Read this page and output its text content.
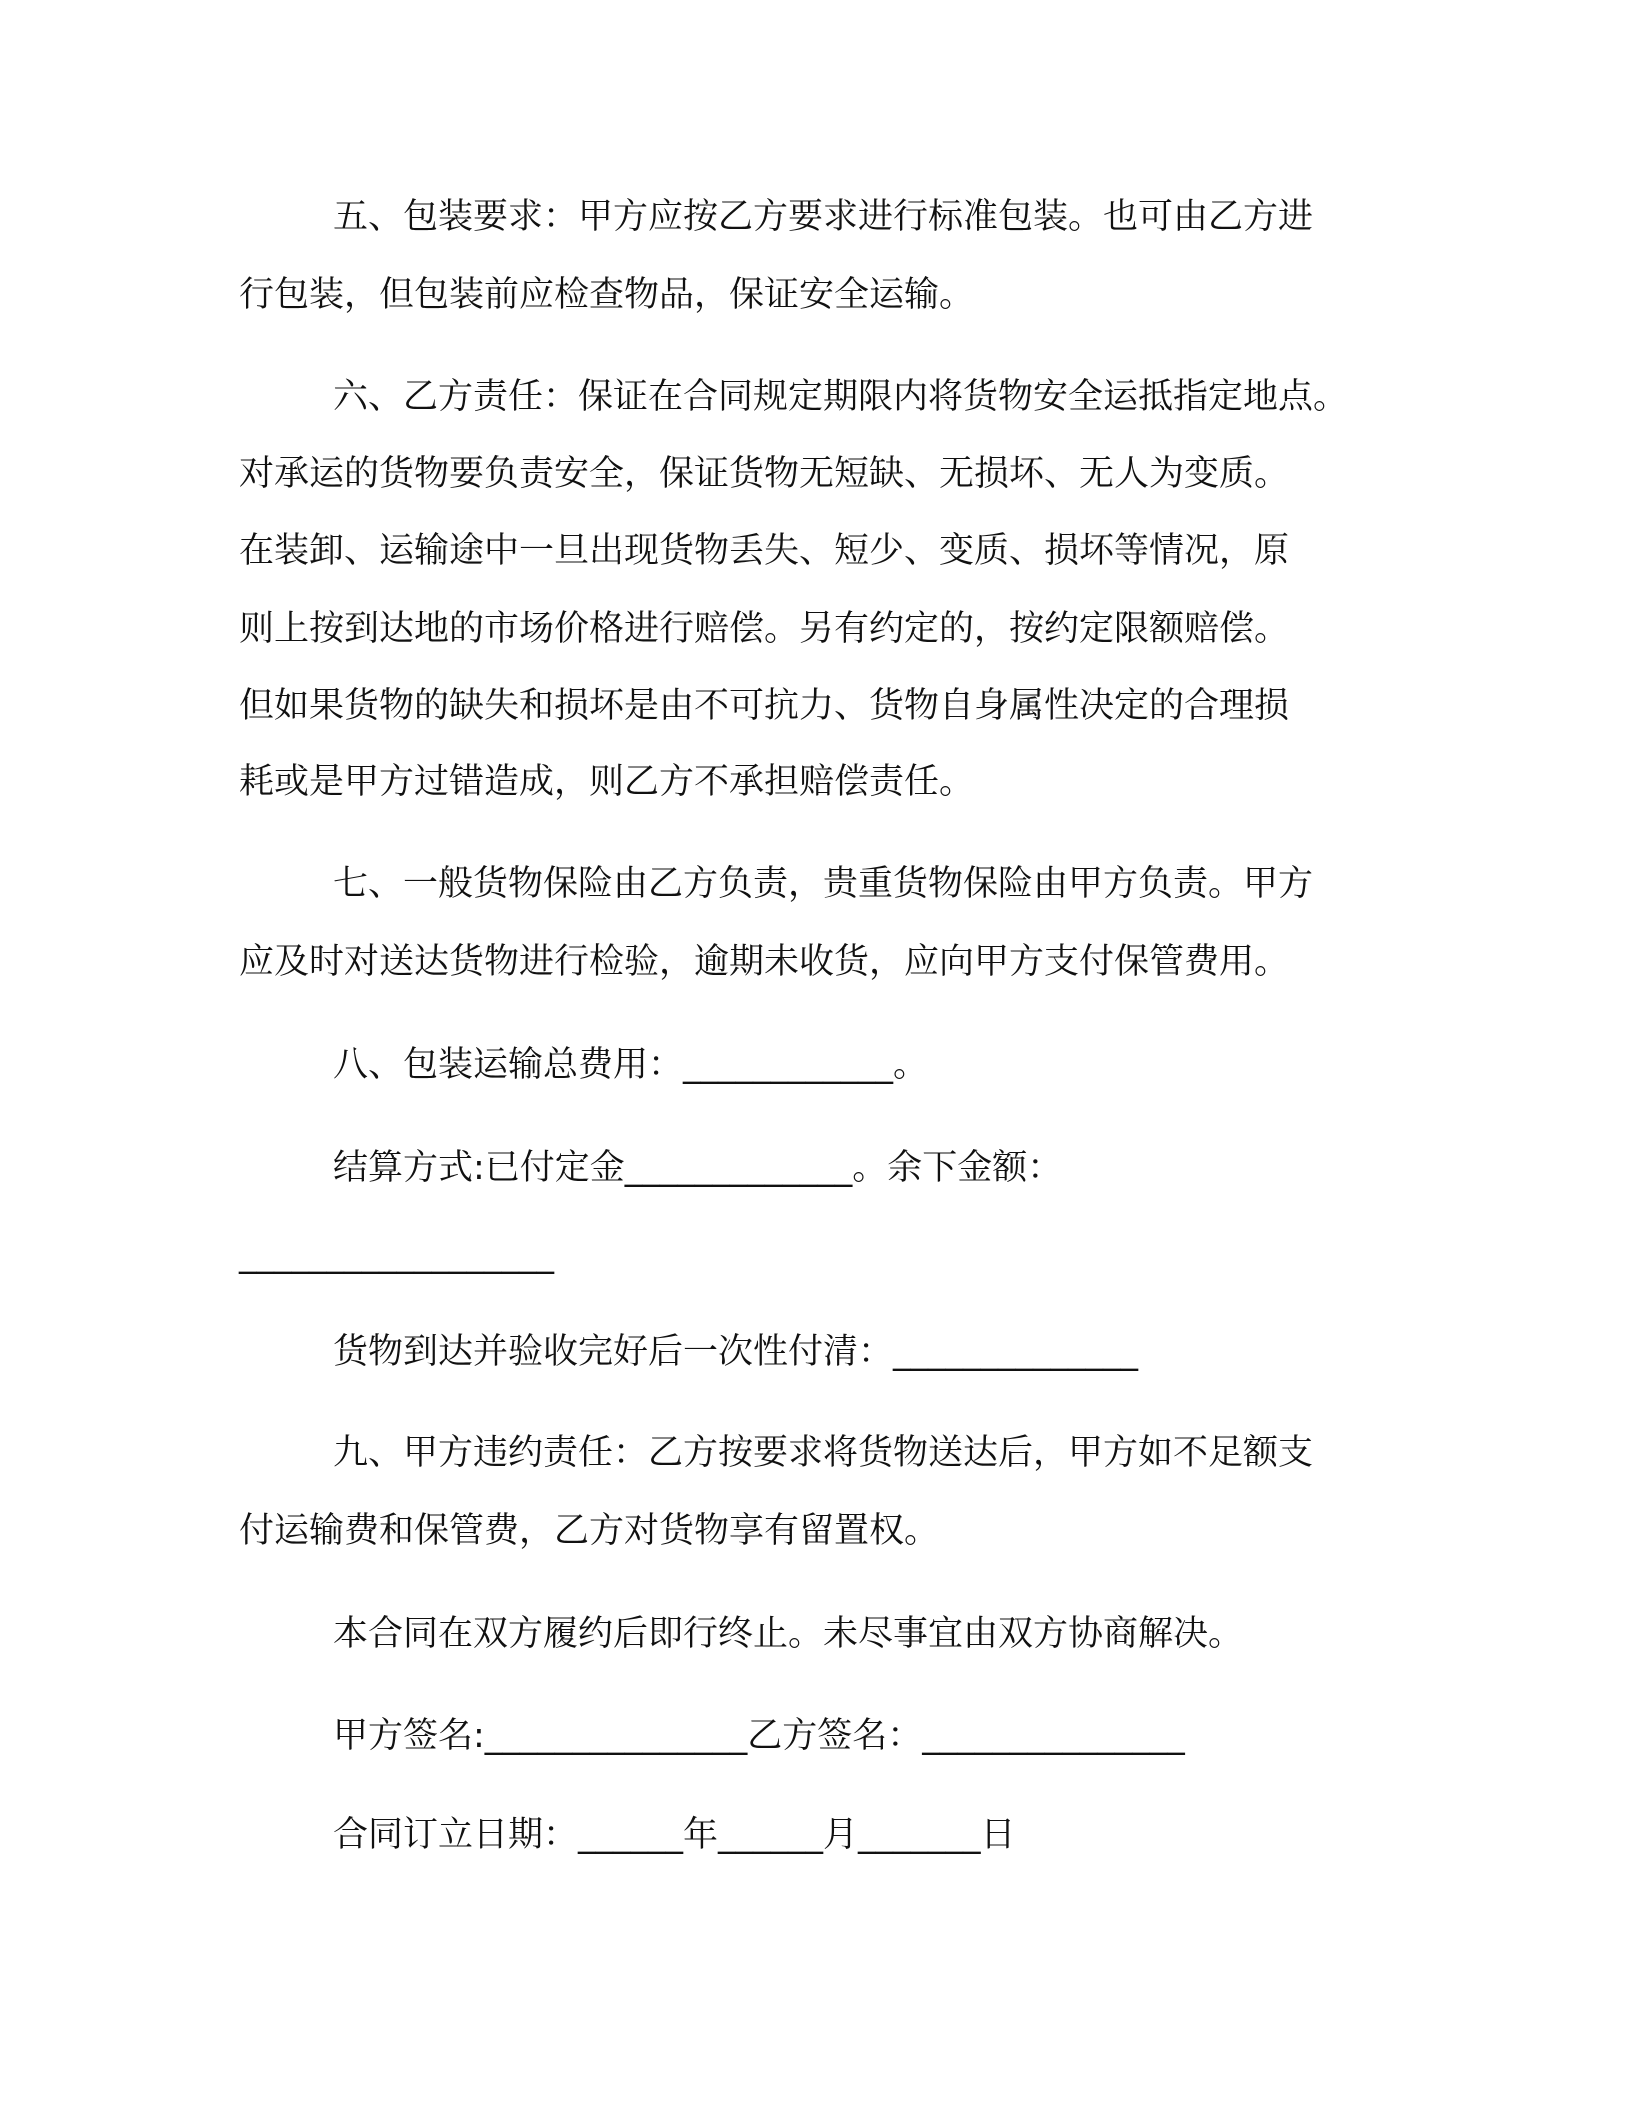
五、包装要求：甲方应按乙方要求进行标准包装。也可由乙方进
行包装，但包装前应检查物品，保证安全运输。
六、乙方责任：保证在合同规定期限内将货物安全运抵指定地点。
对承运的货物要负责安全，保证货物无短缺、无损坏、无人为变质。
在装卸、运输途中一旦出现货物丢失、短少、变质、损坏等情况，原
则上按到达地的市场价格进行赔偿。另有约定的，按约定限额赔偿。
但如果货物的缺失和损坏是由不可抗力、货物自身属性决定的合理损
耗或是甲方过错造成，则乙方不承担赔偿责任。
七、一般货物保险由乙方负责，贵重货物保险由甲方负责。甲方
应及时对送达货物进行检验，逾期未收货，应向甲方支付保管费用。
八、包装运输总费用：____________。
结算方式:已付定金_____________。余下金额：
__________________
货物到达并验收完好后一次性付清：______________
九、甲方违约责任：乙方按要求将货物送达后，甲方如不足额支
付运输费和保管费，乙方对货物享有留置权。
本合同在双方履约后即行终止。未尽事宜由双方协商解决。
甲方签名:_______________乙方签名：_______________
合同订立日期：______年______月_______日
